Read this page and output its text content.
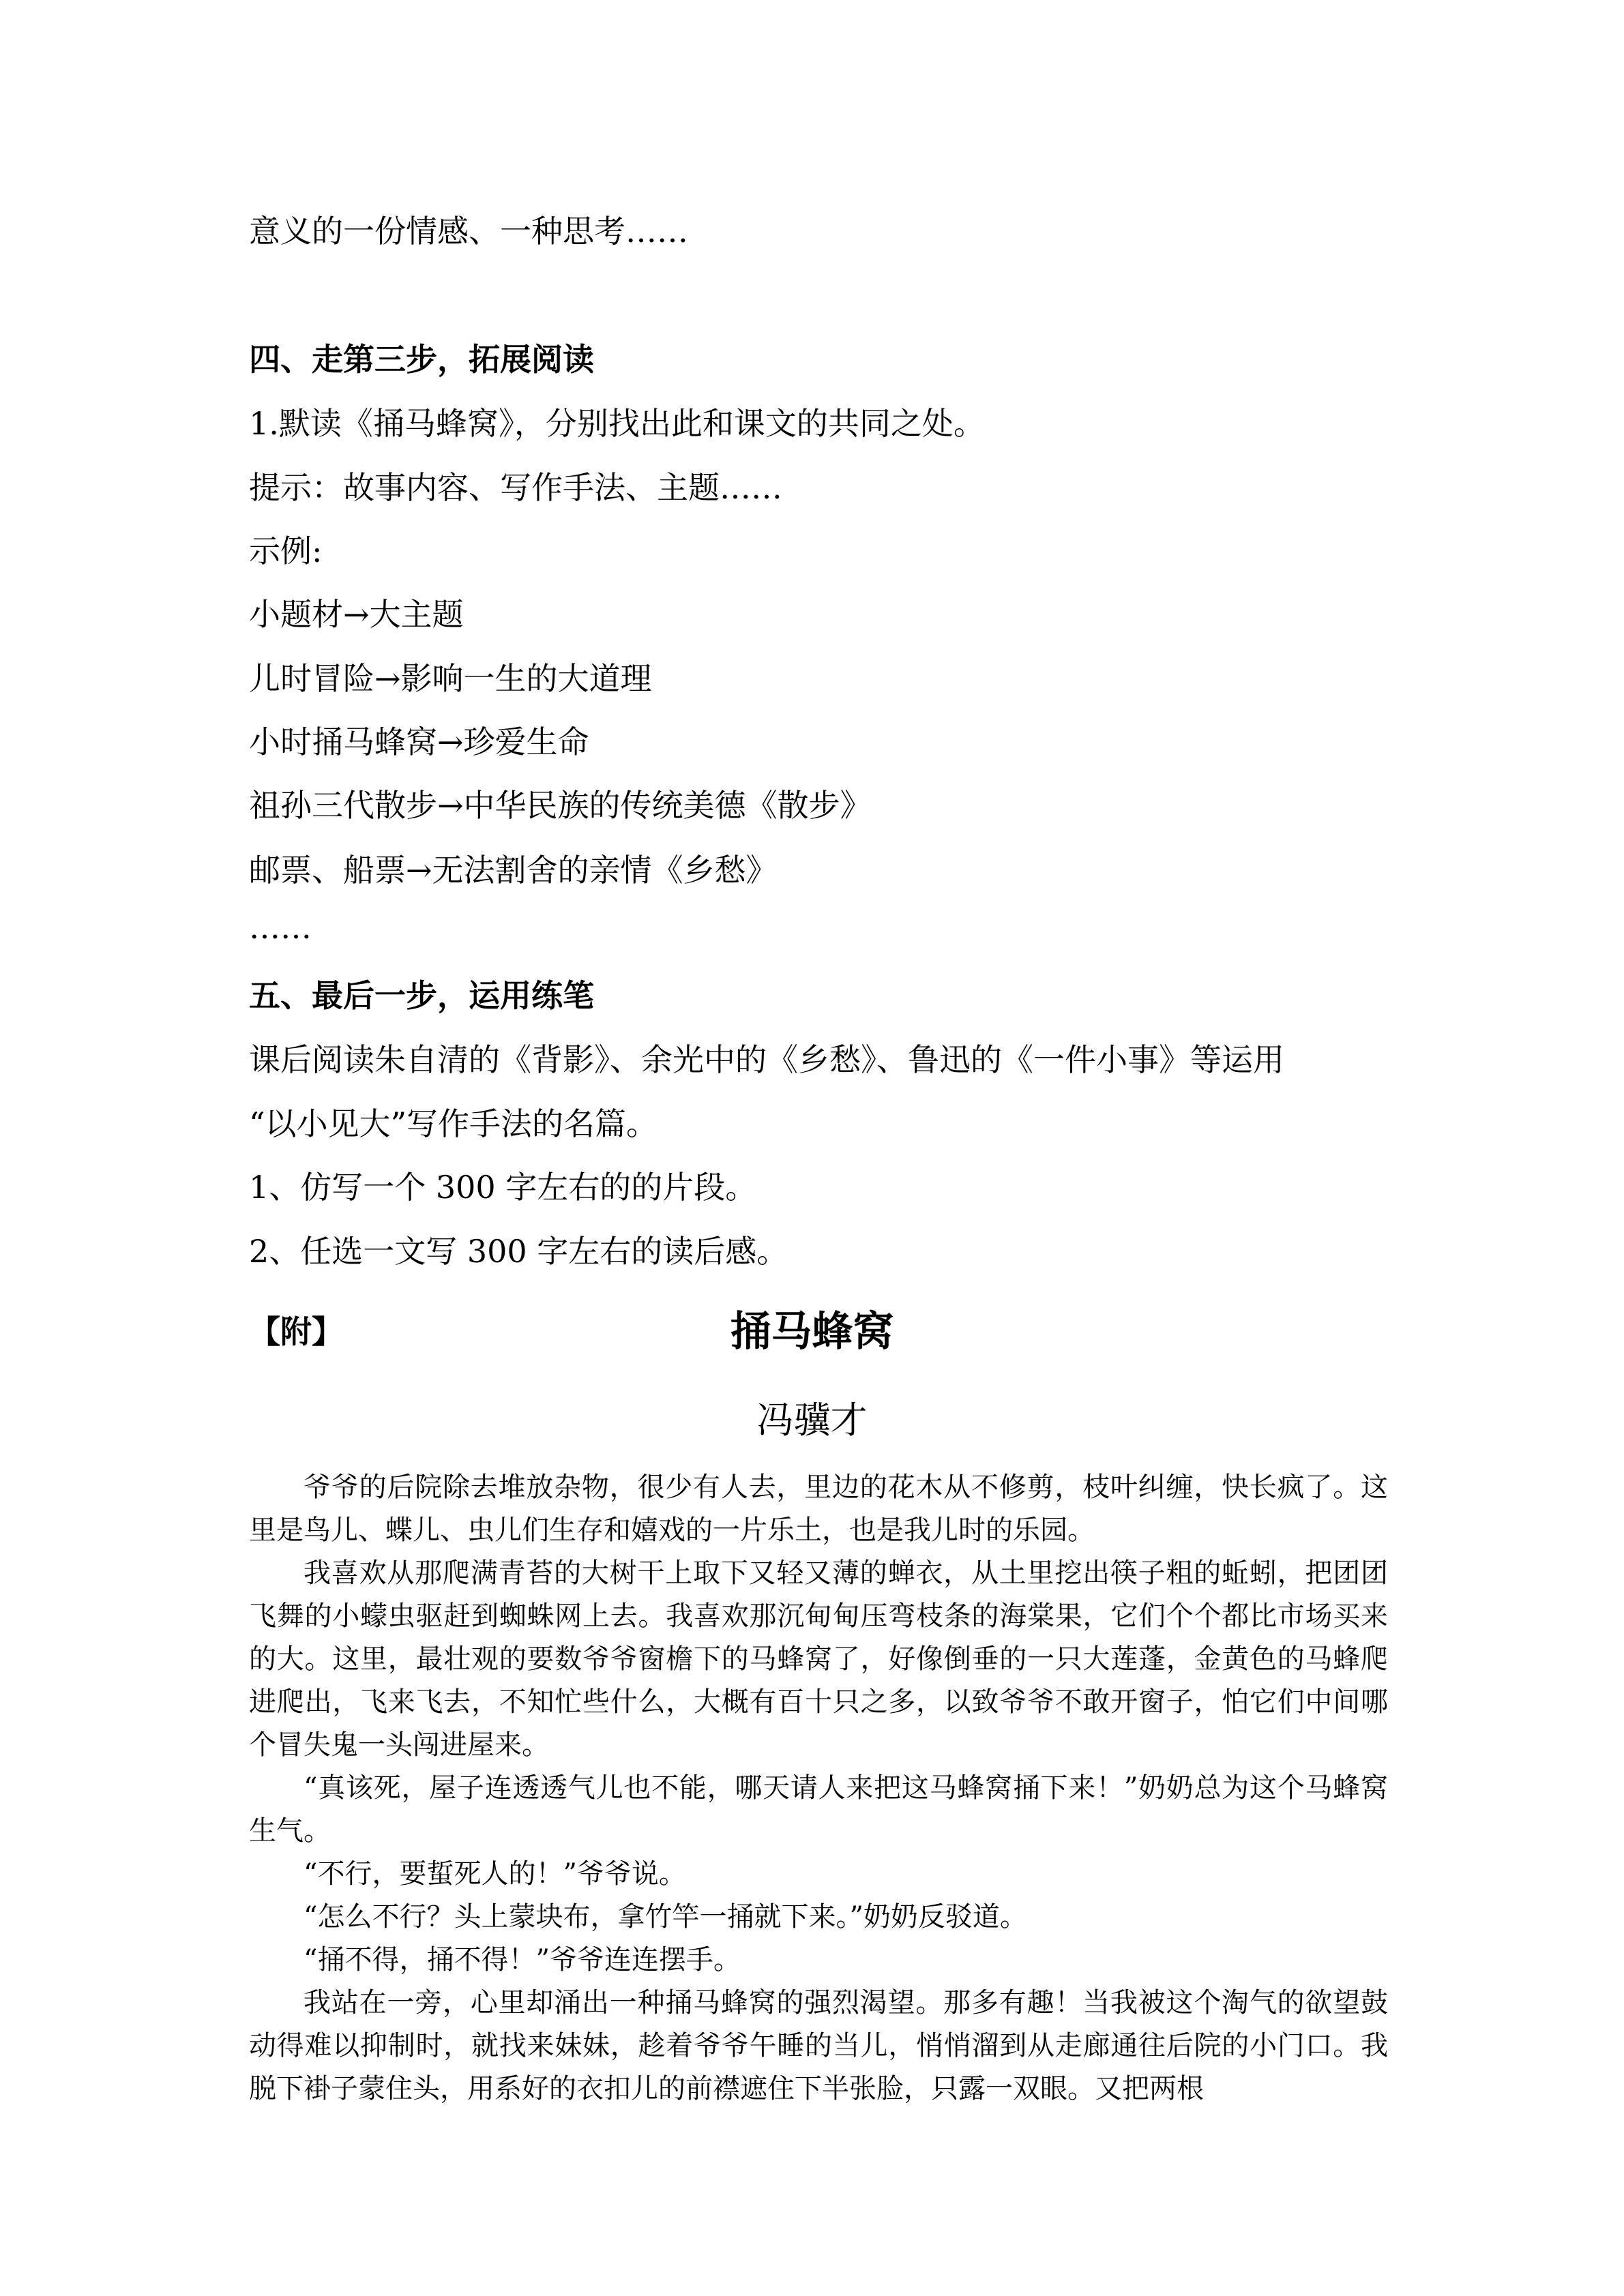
意义的一份情感、一种思考……
四、走第三步，拓展阅读
1.默读《捅马蜂窝》，分别找出此和课文的共同之处。
提示：故事内容、写作手法、主题……
示例:
小题材→大主题
儿时冒险→影响一生的大道理
小时捅马蜂窝→珍爱生命
祖孙三代散步→中华民族的传统美德《散步》
邮票、船票→无法割舍的亲情《乡愁》
……
五、最后一步，运用练笔
课后阅读朱自清的《背影》、余光中的《乡愁》、鲁迅的《一件小事》等运用
“以小见大”写作手法的名篇。
1、仿写一个 300 字左右的的片段。
2、任选一文写 300 字左右的读后感。
【附】	捅马蜂窝
冯骥才

爷爷的后院除去堆放杂物，很少有人去，里边的花木从不修剪，枝叶纠缠，快长疯了。这里是鸟儿、蝶儿、虫儿们生存和嬉戏的一片乐土，也是我儿时的乐园。

我喜欢从那爬满青苔的大树干上取下又轻又薄的蝉衣，从土里挖出筷子粗的蚯蚓，把团团飞舞的小蠓虫驱赶到蜘蛛网上去。我喜欢那沉甸甸压弯枝条的海棠果，它们个个都比市场买来的大。这里，最壮观的要数爷爷窗檐下的马蜂窝了，好像倒垂的一只大莲蓬，金黄色的马蜂爬进爬出，飞来飞去，不知忙些什么，大概有百十只之多，以致爷爷不敢开窗子，怕它们中间哪个冒失鬼一头闯进屋来。

“真该死，屋子连透透气儿也不能，哪天请人来把这马蜂窝捅下来！”奶奶总为这个马蜂窝生气。

“不行，要蜇死人的！”爷爷说。

“怎么不行？头上蒙块布，拿竹竿一捅就下来。”奶奶反驳道。

“捅不得，捅不得！”爷爷连连摆手。

我站在一旁，心里却涌出一种捅马蜂窝的强烈渴望。那多有趣！当我被这个淘气的欲望鼓动得难以抑制时，就找来妹妹，趁着爷爷午睡的当儿，悄悄溜到从走廊通往后院的小门口。我脱下褂子蒙住头，用系好的衣扣儿的前襟遮住下半张脸，只露一双眼。又把两根
